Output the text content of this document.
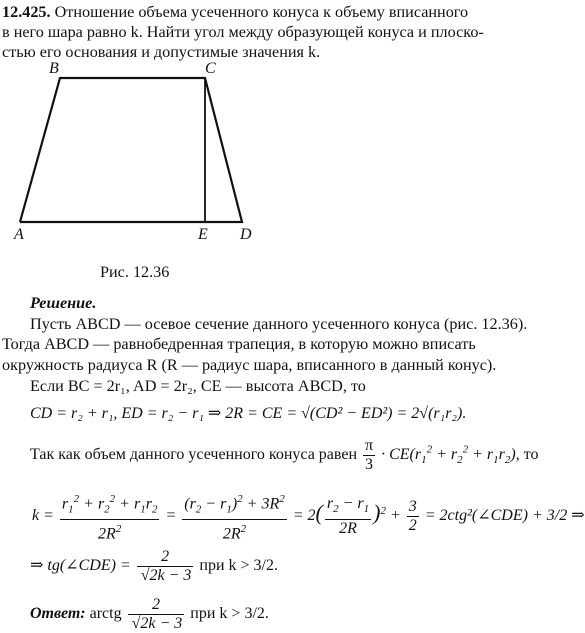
12.425. Отношение объема усеченного конуса к объему вписанного
в него шара равно k. Найти угол между образующей конуса и плоско-
стью его основания и допустимые значения k.
B	C
A	E D
Рис. 12.36
Решение.
Пусть ABCD — осевое сечение данного усеченного конуса (рис. 12.36).
Тогда ABCD — равнобедренная трапеция, в которую можно вписать
окружность радиуса R (R — радиус шара, вписанного в данный конус).
Если BC = 2r₁, AD = 2r₂, CE — высота ABCD, то
CD = r₂ + r₁, ED = r₂ − r₁ ⇒ 2R = CE = √(CD² − ED²) = 2√(r₁r₂).
Так как объем данного усеченного конуса равен $\frac{\pi}{3} \cdot CE(r_1^2 + r_2^2 + r_1r_2)$, то
$k = \frac{r_1^2 + r_2^2 + r_1r_2}{2R^2} = \frac{(r_2 - r_1)^2 + 3R^2}{2R^2} = 2( \frac{r_2 - r_1}{2R} )^2 + \frac{3}{2}$ = 2ctg²(∠CDE) + 3/2 ⇒
⇒ tg(∠CDE) = $\frac{2}{√2k - 3}$ при k > 3/2.
Ответ: arctg $\frac{2}{√2k - 3}$ при k > 3/2.
